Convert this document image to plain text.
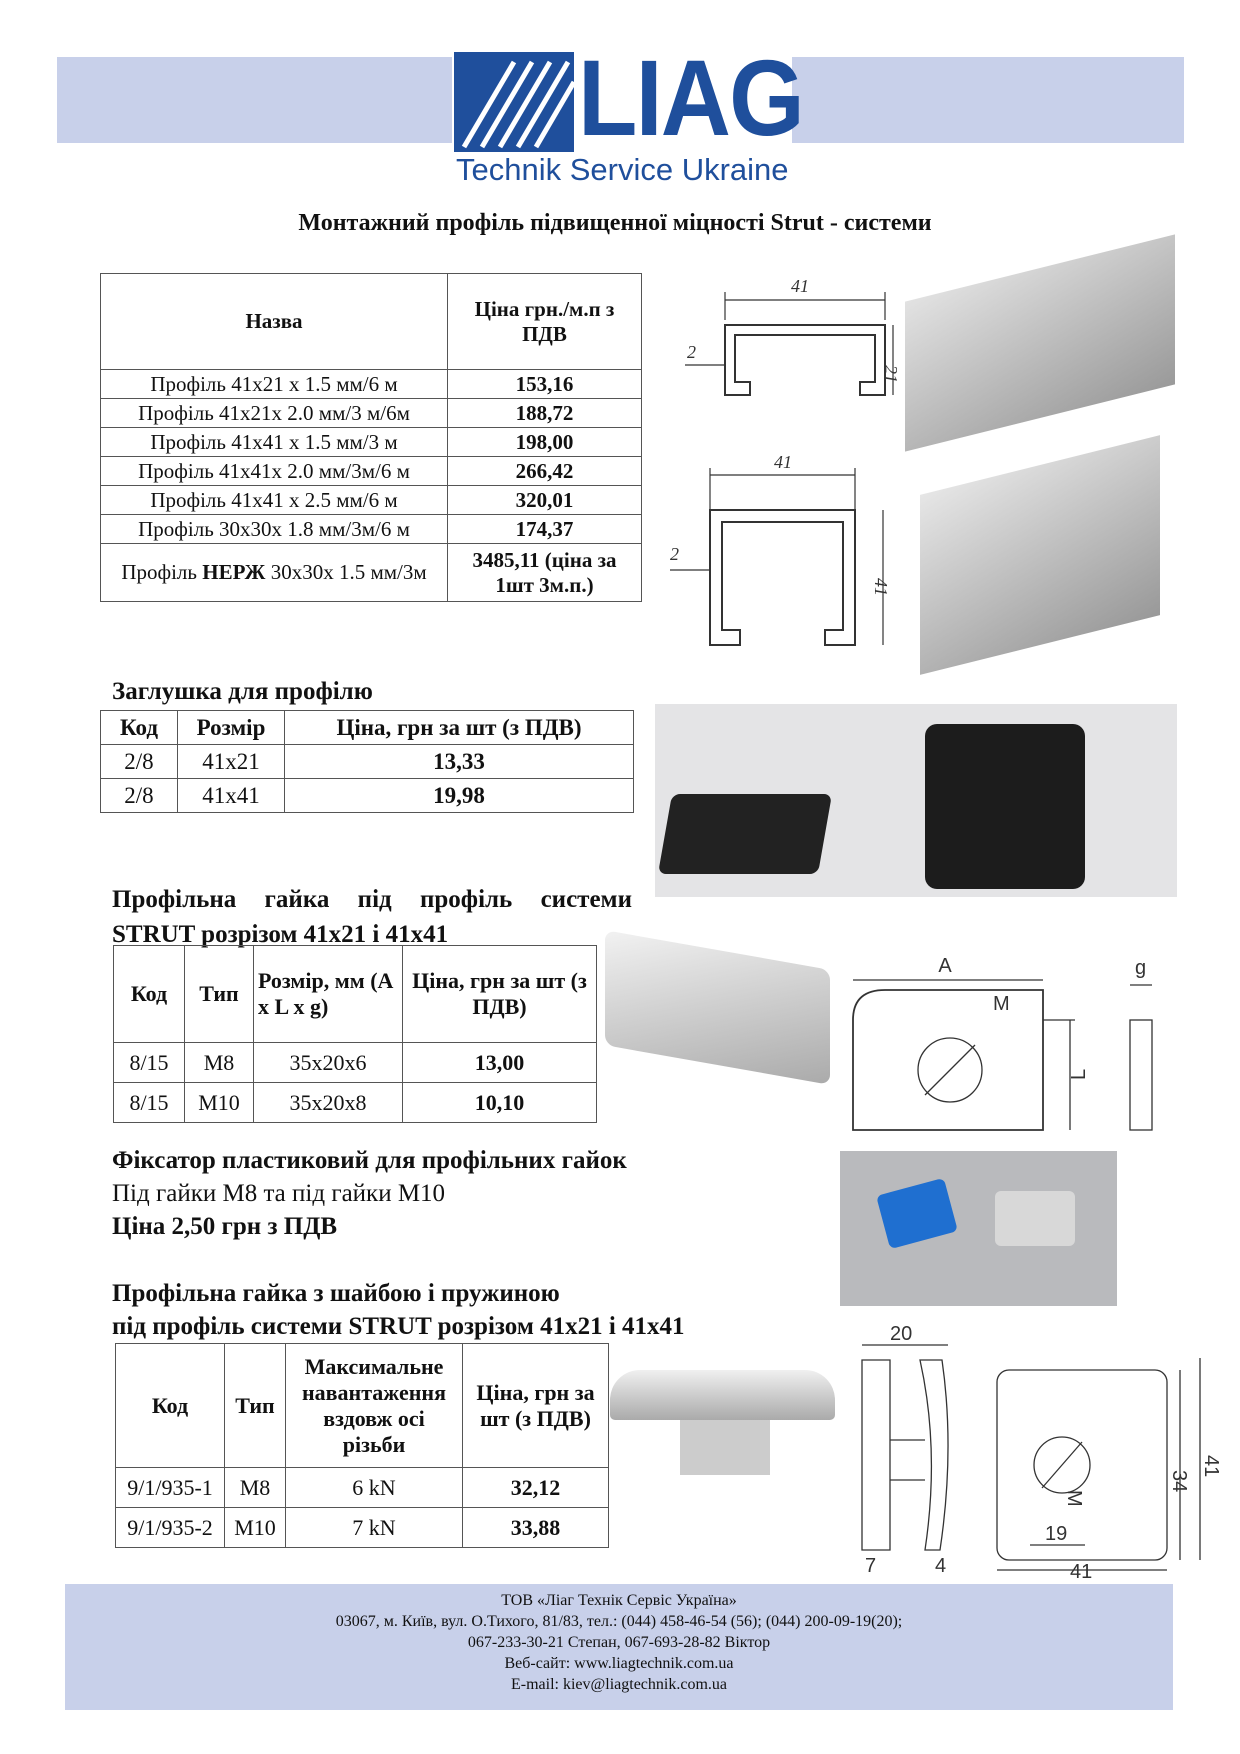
LIAG
Technik Service Ukraine
Монтажний профіль підвищенної міцності Strut - системи
Назва	Ціна грн./м.п з ПДВ
Профіль 41x21 x 1.5 мм/6 м	153,16
Профіль 41x21x 2.0 мм/3 м/6м	188,72
Профіль 41x41 x 1.5 мм/3 м	198,00
Профіль 41x41x 2.0 мм/3м/6 м	266,42
Профіль 41x41 x 2.5 мм/6 м	320,01
Профіль 30x30x 1.8 мм/3м/6 м	174,37
Профіль НЕРЖ 30x30x 1.5 мм/3м	3485,11 (ціна за 1шт 3м.п.)
41
21
2
41
41
2
Заглушка для профілю
Код	Розмір	Ціна, грн за шт (з ПДВ)
2/8	41x21	13,33
2/8	41x41	19,98
Профільна гайка під профіль системи
STRUT розрізом 41x21 і 41x41
Код	Тип	Розмір, мм (A x L x g)	Ціна, грн за шт (з ПДВ)
8/15	M8	35x20x6	13,00
8/15	M10	35x20x8	10,10
A
M
L
g
Фіксатор пластиковий для профільних гайок
Під гайки M8 та під гайки M10
Ціна 2,50 грн з ПДВ
Профільна гайка з шайбою і пружиною
під профіль системи STRUT розрізом 41x21 і 41x41
Код	Тип	Максимальне навантаження вздовж осі різьби	Ціна, грн за шт (з ПДВ)
9/1/935-1	M8	6 kN	32,12
9/1/935-2	M10	7 kN	33,88
20
7	4
34
41
19
41
M
ТОВ «Ліаг Технік Сервіс Україна»
03067, м. Київ, вул. О.Тихого, 81/83, тел.: (044) 458-46-54 (56); (044) 200-09-19(20);
067-233-30-21 Степан, 067-693-28-82 Віктор
Веб-сайт: www.liagtechnik.com.ua
E-mail: kiev@liagtechnik.com.ua
